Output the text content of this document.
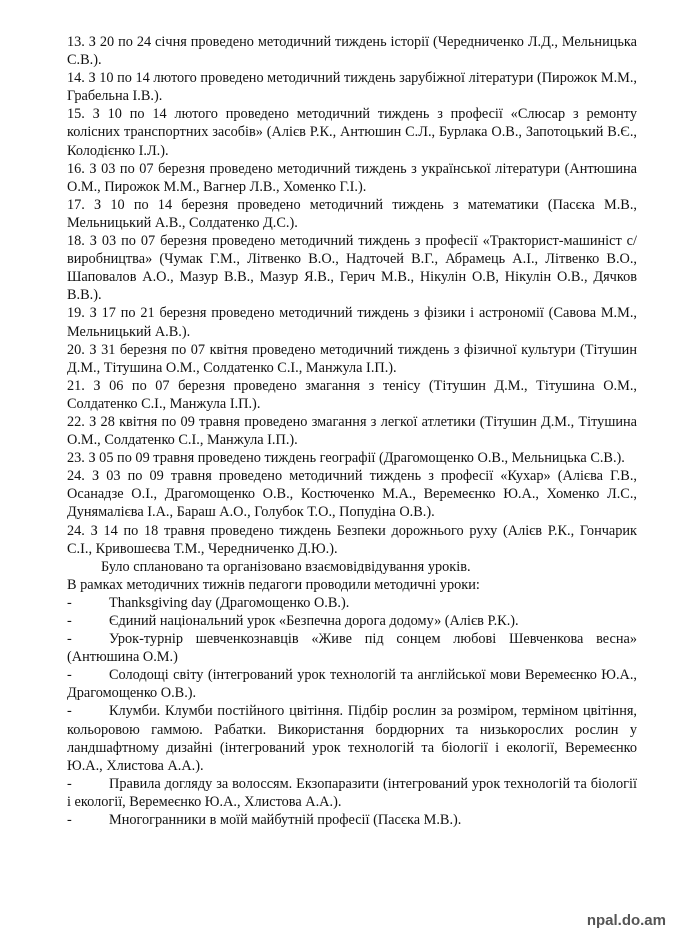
13. З 20 по 24 січня проведено методичний тиждень історії (Чередниченко Л.Д., Мельницька С.В.).

14. З 10 по 14 лютого проведено методичний тиждень зарубіжної літератури (Пирожок М.М., Грабельна І.В.).

15. З 10 по 14 лютого проведено методичний тиждень з професії «Слюсар з ремонту колісних транспортних засобів» (Алієв Р.К., Антюшин С.Л., Бурлака О.В., Запотоцький В.Є., Колодієнко І.Л.).

16. З 03 по 07 березня проведено методичний тиждень з української літератури (Антюшина О.М., Пирожок М.М., Вагнер Л.В., Хоменко Г.І.).

17. З 10 по 14 березня проведено методичний тиждень з математики (Пасєка М.В., Мельницький А.В., Солдатенко Д.С.).

18. З 03 по 07 березня проведено методичний тиждень з професії «Тракторист-машиніст с/ виробництва» (Чумак Г.М., Літвенко В.О., Надточей В.Г., Абрамець А.І., Літвенко В.О., Шаповалов А.О., Мазур В.В., Мазур Я.В., Герич М.В., Нікулін О.В, Нікулін О.В., Дячков В.В.).

19. З 17 по 21 березня проведено методичний тиждень з фізики і астрономії (Савова М.М., Мельницький А.В.).

20. З 31 березня по 07 квітня проведено методичний тиждень з фізичної культури (Тітушин Д.М., Тітушина О.М., Солдатенко С.І., Манжула І.П.).

21. З 06 по 07 березня проведено змагання з тенісу (Тітушин Д.М., Тітушина О.М., Солдатенко С.І., Манжула І.П.).

22. З 28 квітня по 09 травня проведено змагання з легкої атлетики (Тітушин Д.М., Тітушина О.М., Солдатенко С.І., Манжула І.П.).

23. З 05 по 09 травня проведено тиждень географії (Драгомощенко О.В., Мельницька С.В.).

24. З 03 по 09 травня проведено методичний тиждень з професії «Кухар» (Алієва Г.В., Осанадзе О.І., Драгомощенко О.В., Костюченко М.А., Веремеєнко Ю.А., Хоменко Л.С., Дунямалієва І.А., Бараш А.О., Голубок Т.О., Попудіна О.В.).

24. З 14 по 18 травня проведено тиждень Безпеки дорожнього руху (Алієв Р.К., Гончарик С.І., Кривошеєва Т.М., Чередниченко Д.Ю.).

Було сплановано та організовано взаємовідвідування уроків.

В рамках методичних тижнів педагоги проводили методичні уроки:

-	Thanksgiving day (Драгомощенко О.В.).
-	Єдиний національний урок «Безпечна дорога додому» (Алієв Р.К.).

-	Урок-турнір шевченкознавців «Живе під сонцем любові Шевченкова весна» (Антюшина О.М.)

-	Солодощі світу (інтегрований урок технологій та англійської мови Веремеєнко Ю.А., Драгомощенко О.В.).

-	Клумби. Клумби постійного цвітіння. Підбір рослин за розміром, терміном цвітіння, кольоровою гаммою. Рабатки. Використання бордюрних та низькорослих рослин у ландшафтному дизайні (інтегрований урок технологій та біології і екології, Веремеєнко Ю.А., Хлистова А.А.).

-	Правила догляду за волоссям. Екзопаразити (інтегрований урок технологій та біології і екології, Веремеєнко Ю.А., Хлистова А.А.).

-	Многогранники в моїй майбутній професії (Пасєка М.В.).
npal.do.am
